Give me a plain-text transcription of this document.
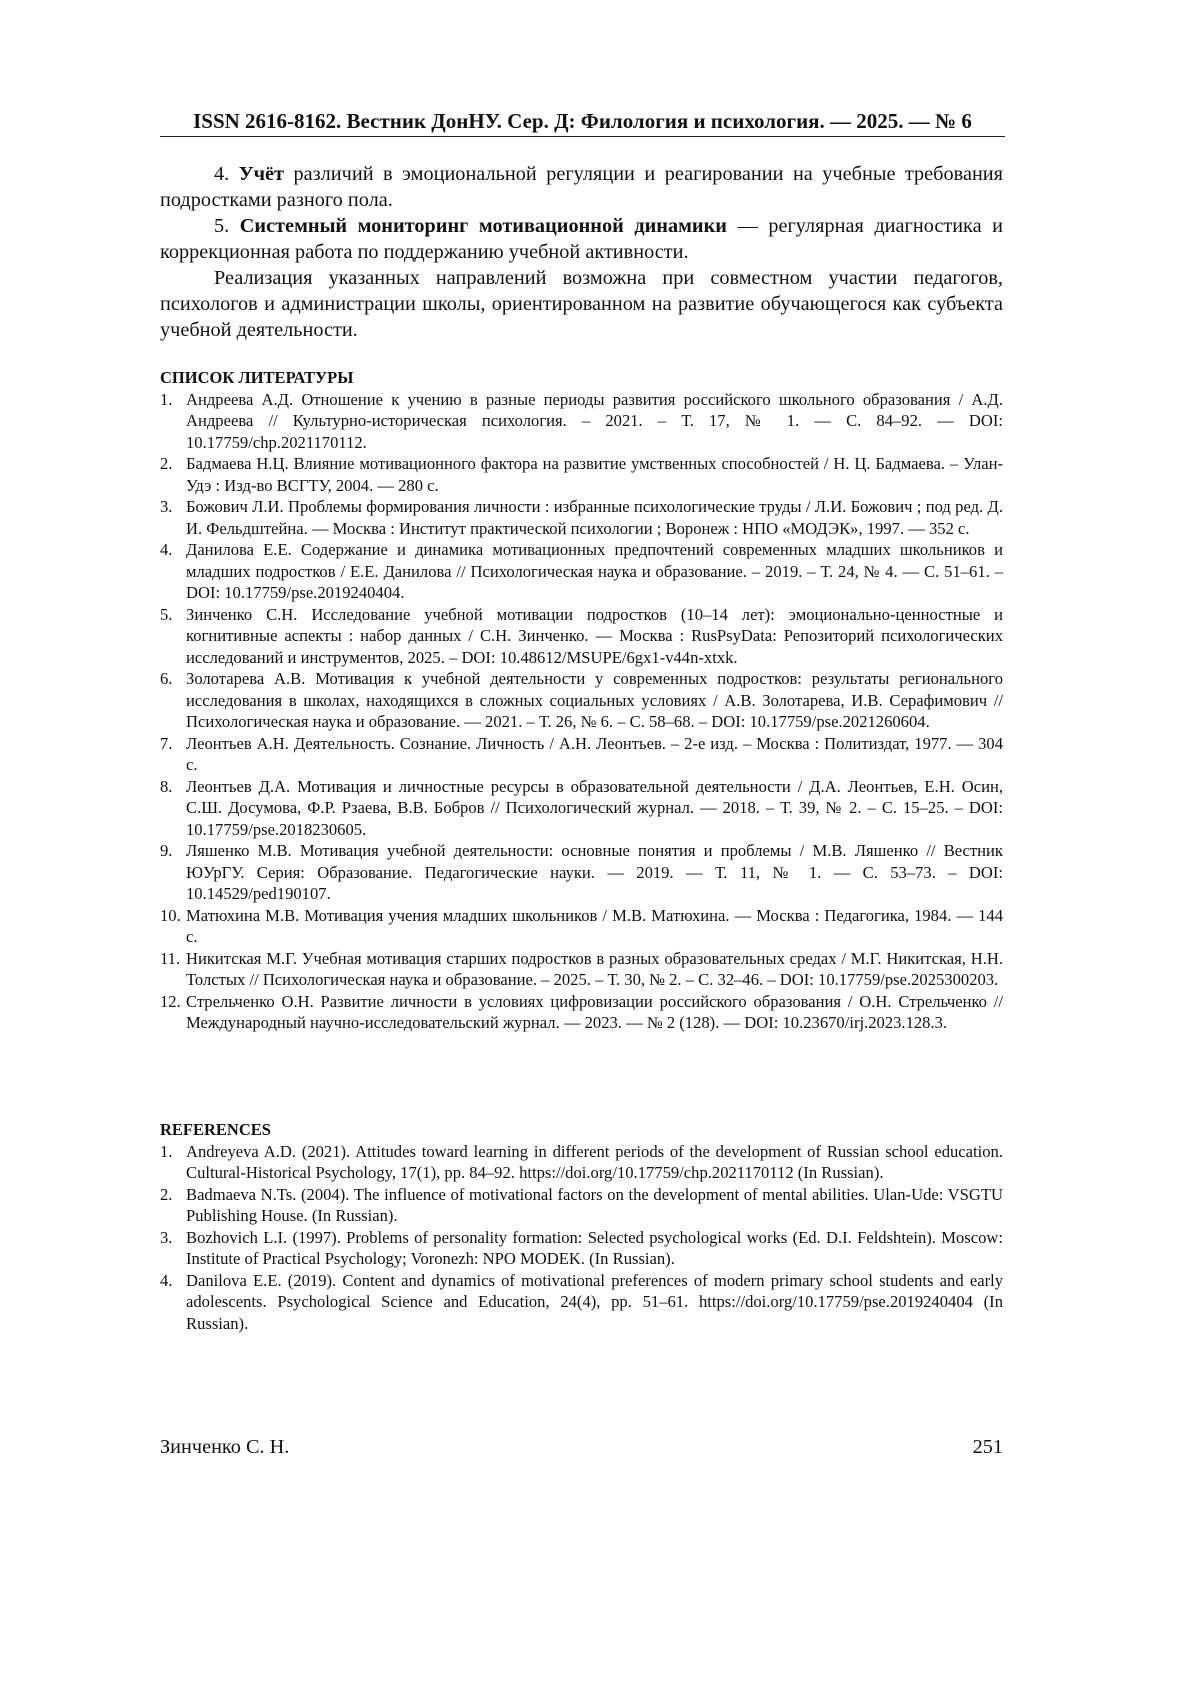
ISSN 2616-8162. Вестник ДонНУ. Сер. Д: Филология и психология. — 2025. — № 6

4. Учёт различий в эмоциональной регуляции и реагировании на учебные требования подростками разного пола.

5. Системный мониторинг мотивационной динамики — регулярная диагностика и коррекционная работа по поддержанию учебной активности.

Реализация указанных направлений возможна при совместном участии педагогов, психологов и администрации школы, ориентированном на развитие обучающегося как субъекта учебной деятельности.

СПИСОК ЛИТЕРАТУРЫ

1. Андреева А.Д. Отношение к учению в разные периоды развития российского школьного образования / А.Д. Андреева // Культурно-историческая психология. – 2021. – Т. 17, № 1. — С. 84–92. — DOI: 10.17759/chp.2021170112.
2. Бадмаева Н.Ц. Влияние мотивационного фактора на развитие умственных способностей / Н. Ц. Бадмаева. – Улан-Удэ : Изд-во ВСГТУ, 2004. — 280 с.
3. Божович Л.И. Проблемы формирования личности : избранные психологические труды / Л.И. Божович ; под ред. Д. И. Фельдштейна. — Москва : Институт практической психологии ; Воронеж : НПО «МОДЭК», 1997. — 352 с.
4. Данилова Е.Е. Содержание и динамика мотивационных предпочтений современных младших школьников и младших подростков / Е.Е. Данилова // Психологическая наука и образование. – 2019. – Т. 24, № 4. — С. 51–61. – DOI: 10.17759/pse.2019240404.
5. Зинченко С.Н. Исследование учебной мотивации подростков (10–14 лет): эмоционально-ценностные и когнитивные аспекты : набор данных / С.Н. Зинченко. — Москва : RusPsyData: Репозиторий психологических исследований и инструментов, 2025. – DOI: 10.48612/MSUPE/6gx1-v44n-xtxk.
6. Золотарева А.В. Мотивация к учебной деятельности у современных подростков: результаты регионального исследования в школах, находящихся в сложных социальных условиях / А.В. Золотарева, И.В. Серафимович // Психологическая наука и образование. — 2021. – Т. 26, № 6. – С. 58–68. – DOI: 10.17759/pse.2021260604.
7. Леонтьев А.Н. Деятельность. Сознание. Личность / А.Н. Леонтьев. – 2-е изд. – Москва : Политиздат, 1977. — 304 с.
8. Леонтьев Д.А. Мотивация и личностные ресурсы в образовательной деятельности / Д.А. Леонтьев, Е.Н. Осин, С.Ш. Досумова, Ф.Р. Рзаева, В.В. Бобров // Психологический журнал. — 2018. – Т. 39, № 2. – С. 15–25. – DOI: 10.17759/pse.2018230605.
9. Ляшенко М.В. Мотивация учебной деятельности: основные понятия и проблемы / М.В. Ляшенко // Вестник ЮУрГУ. Серия: Образование. Педагогические науки. — 2019. — Т. 11, № 1. — С. 53–73. – DOI: 10.14529/ped190107.
10. Матюхина М.В. Мотивация учения младших школьников / М.В. Матюхина. — Москва : Педагогика, 1984. — 144 с.
11. Никитская М.Г. Учебная мотивация старших подростков в разных образовательных средах / М.Г. Никитская, Н.Н. Толстых // Психологическая наука и образование. – 2025. – Т. 30, № 2. – С. 32–46. – DOI: 10.17759/pse.2025300203.
12. Стрельченко О.Н. Развитие личности в условиях цифровизации российского образования / О.Н. Стрельченко // Международный научно-исследовательский журнал. — 2023. — № 2 (128). — DOI: 10.23670/irj.2023.128.3.

REFERENCES

1. Andreyeva A.D. (2021). Attitudes toward learning in different periods of the development of Russian school education. Cultural-Historical Psychology, 17(1), pp. 84–92. https://doi.org/10.17759/chp.2021170112 (In Russian).
2. Badmaeva N.Ts. (2004). The influence of motivational factors on the development of mental abilities. Ulan-Ude: VSGTU Publishing House. (In Russian).
3. Bozhovich L.I. (1997). Problems of personality formation: Selected psychological works (Ed. D.I. Feldshtein). Moscow: Institute of Practical Psychology; Voronezh: NPO MODEK. (In Russian).
4. Danilova E.E. (2019). Content and dynamics of motivational preferences of modern primary school students and early adolescents. Psychological Science and Education, 24(4), pp. 51–61. https://doi.org/10.17759/pse.2019240404 (In Russian).
Зинченко С. Н.	251
